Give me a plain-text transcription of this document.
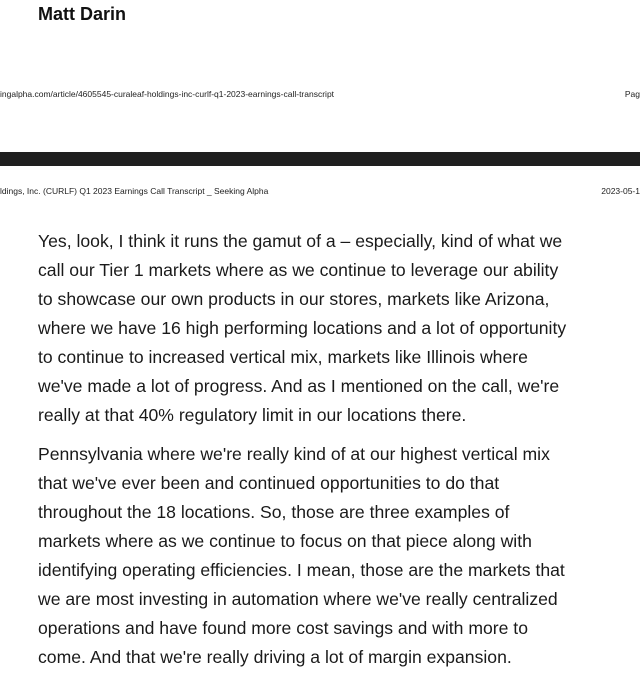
Matt Darin
ingalpha.com/article/4605545-curaleaf-holdings-inc-curlf-q1-2023-earnings-call-transcript	Pag
ldings, Inc. (CURLF) Q1 2023 Earnings Call Transcript _ Seeking Alpha	2023-05-1

Yes, look, I think it runs the gamut of a – especially, kind of what we
call our Tier 1 markets where as we continue to leverage our ability
to showcase our own products in our stores, markets like Arizona,
where we have 16 high performing locations and a lot of opportunity
to continue to increased vertical mix, markets like Illinois where
we've made a lot of progress. And as I mentioned on the call, we're
really at that 40% regulatory limit in our locations there.

Pennsylvania where we're really kind of at our highest vertical mix
that we've ever been and continued opportunities to do that
throughout the 18 locations. So, those are three examples of
markets where as we continue to focus on that piece along with
identifying operating efficiencies. I mean, those are the markets that
we are most investing in automation where we've really centralized
operations and have found more cost savings and with more to
come. And that we're really driving a lot of margin expansion.
